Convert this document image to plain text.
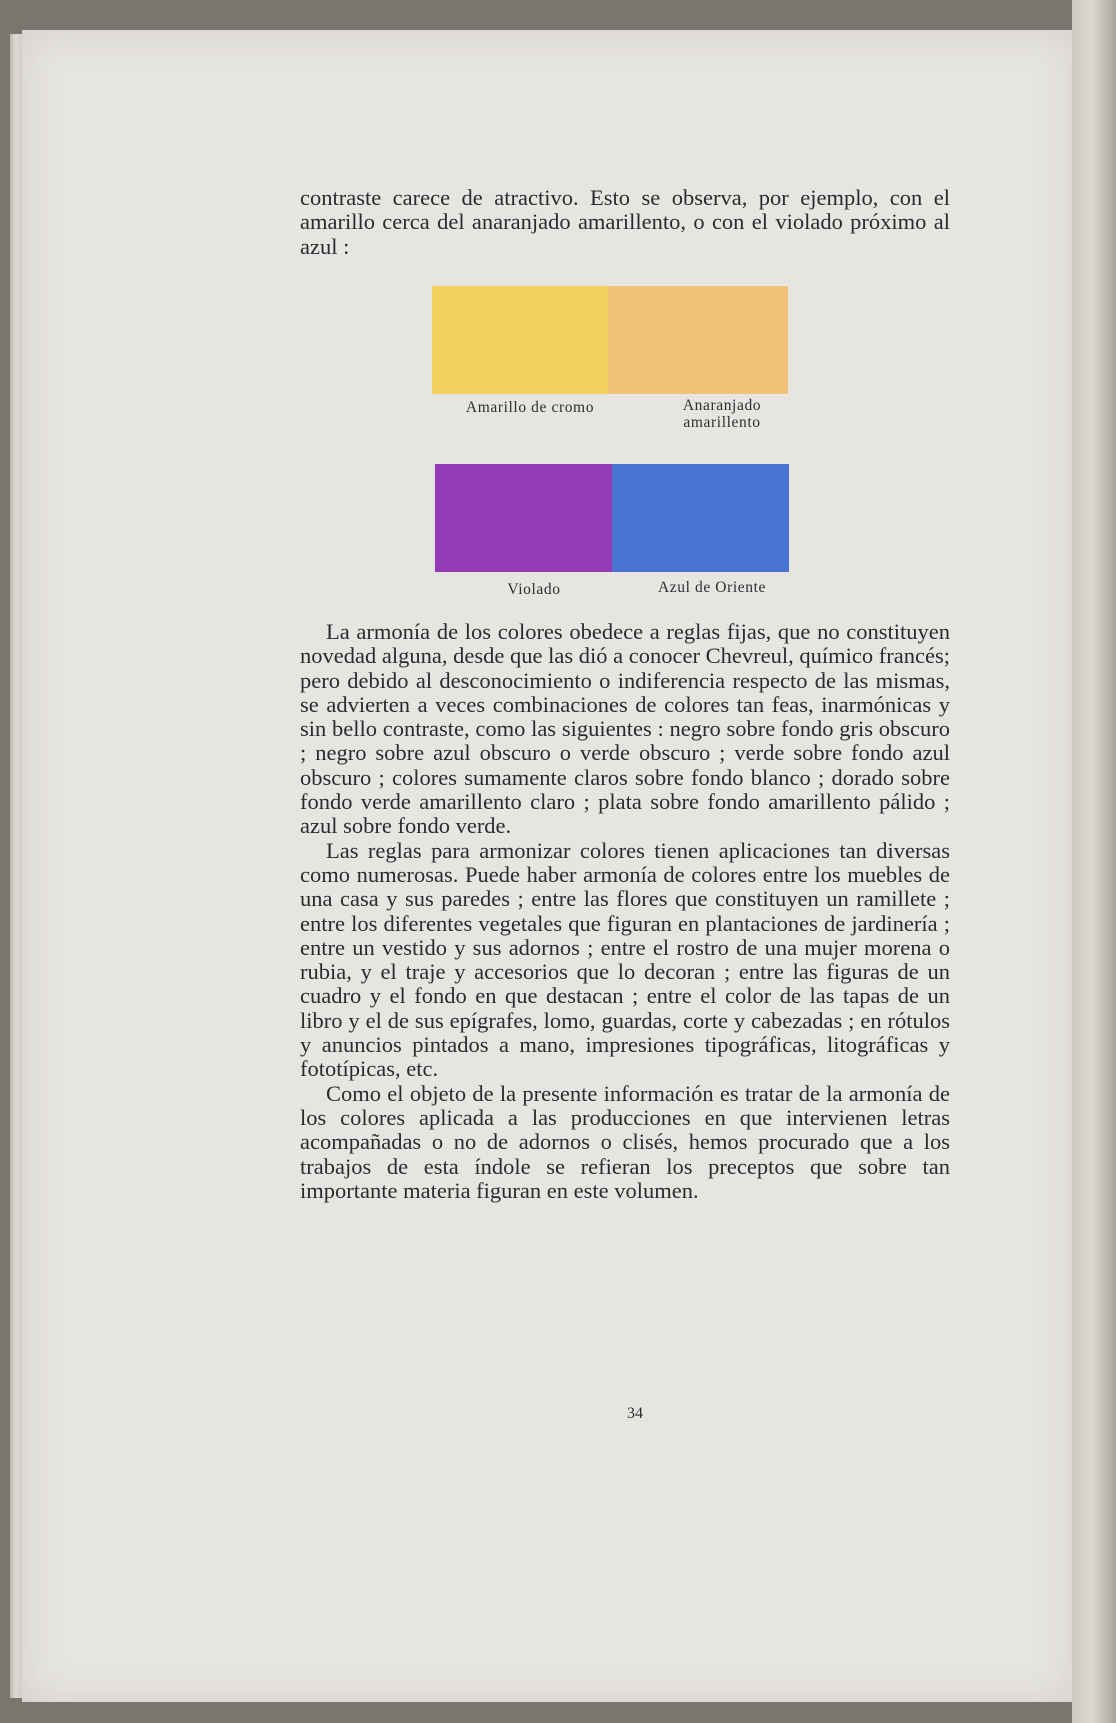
contraste carece de atractivo. Esto se observa, por ejemplo, con el amarillo cerca del anaranjado amarillento, o con el violado próximo al azul :

Amarillo de cromo	Anaranjado
amarillento
Violado	Azul de Oriente

La armonía de los colores obedece a reglas fijas, que no constituyen novedad alguna, desde que las dió a conocer Chevreul, químico francés; pero debido al desconocimiento o indiferencia respecto de las mismas, se advierten a veces combinaciones de colores tan feas, inarmónicas y sin bello contraste, como las siguientes : negro sobre fondo gris obscuro ; negro sobre azul obscuro o verde obscuro ; verde sobre fondo azul obscuro ; colores sumamente claros sobre fondo blanco ; dorado sobre fondo verde amarillento claro ; plata sobre fondo amarillento pálido ; azul sobre fondo verde.

Las reglas para armonizar colores tienen aplicaciones tan diversas como numerosas. Puede haber armonía de colores entre los muebles de una casa y sus paredes ; entre las flores que constituyen un ramillete ; entre los diferentes vegetales que figuran en plantaciones de jardinería ; entre un vestido y sus adornos ; entre el rostro de una mujer morena o rubia, y el traje y accesorios que lo decoran ; entre las figuras de un cuadro y el fondo en que destacan ; entre el color de las tapas de un libro y el de sus epígrafes, lomo, guardas, corte y cabezadas ; en rótulos y anuncios pintados a mano, impresiones tipográficas, litográficas y fototípicas, etc.

Como el objeto de la presente información es tratar de la armonía de los colores aplicada a las producciones en que intervienen letras acompañadas o no de adornos o clisés, hemos procurado que a los trabajos de esta índole se refieran los preceptos que sobre tan importante materia figuran en este volumen.

34
